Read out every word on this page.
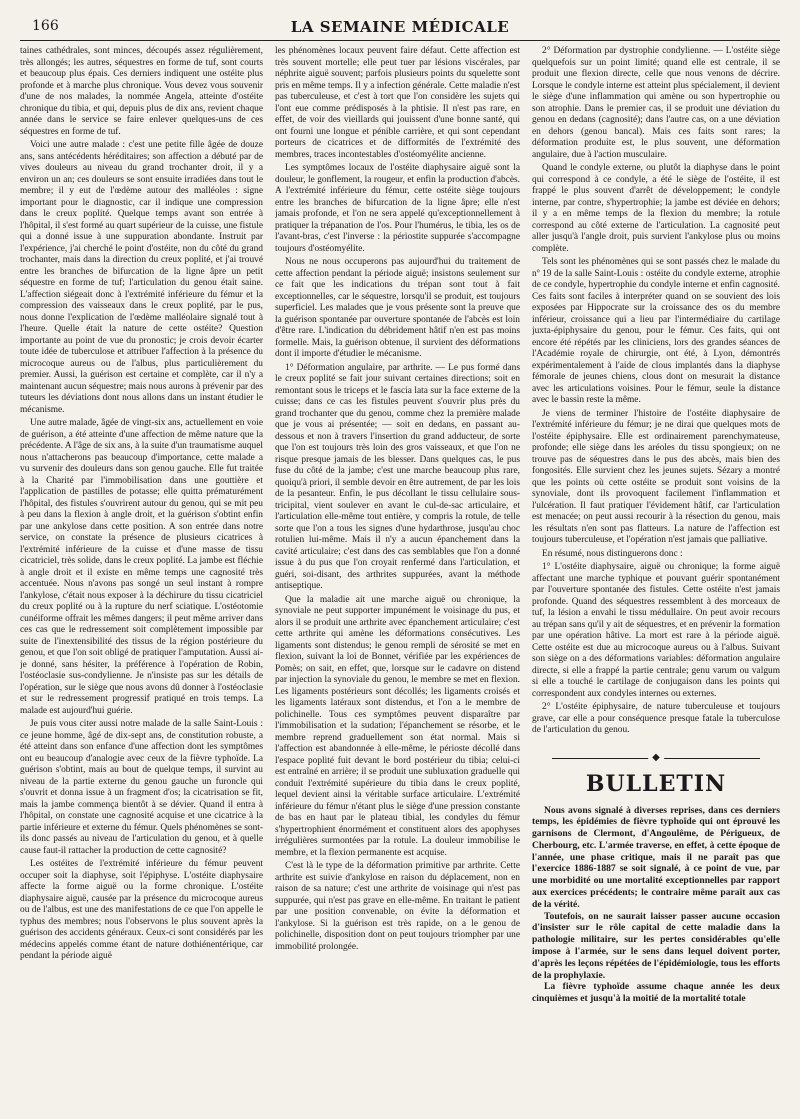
166	LA SEMAINE MÉDICALE

taines cathédrales, sont minces, découpés assez régulièrement, très allongés; les autres, séquestres en forme de tuf, sont courts et beaucoup plus épais. Ces derniers indiquent une ostéite plus profonde et à marche plus chronique. Vous devez vous souvenir d'une de nos malades, la nommée Angela, atteinte d'ostéite chronique du tibia, et qui, depuis plus de dix ans, revient chaque année dans le service se faire enlever quelques-uns de ces séquestres en forme de tuf.

Voici une autre malade : c'est une petite fille âgée de douze ans, sans antécédents héréditaires; son affection a débuté par de vives douleurs au niveau du grand trochanter droit, il y a environ un an; ces douleurs se sont ensuite irradiées dans tout le membre; il y eut de l'œdème autour des malléoles : signe important pour le diagnostic, car il indique une compression dans le creux poplité. Quelque temps avant son entrée à l'hôpital, il s'est formé au quart supérieur de la cuisse, une fistule qui a donné issue à une suppuration abondante. Instruit par l'expérience, j'ai cherché le point d'ostéite, non du côté du grand trochanter, mais dans la direction du creux poplité, et j'ai trouvé entre les branches de bifurcation de la ligne âpre un petit séquestre en forme de tuf; l'articulation du genou était saine. L'affection siégeait donc à l'extrémité inférieure du fémur et la compression des vaisseaux dans le creux poplité, par le pus, nous donne l'explication de l'œdème malléolaire signalé tout à l'heure. Quelle était la nature de cette ostéite? Question importante au point de vue du pronostic; je crois devoir écarter toute idée de tuberculose et attribuer l'affection à la présence du microcoque aureus ou de l'albus, plus particulièrement du premier. Aussi, la guérison est certaine et complète, car il n'y a maintenant aucun séquestre; mais nous aurons à prévenir par des tuteurs les déviations dont nous allons dans un instant étudier le mécanisme.

Une autre malade, âgée de vingt-six ans, actuellement en voie de guérison, a été atteinte d'une affection de même nature que la précédente. A l'âge de six ans, à la suite d'un traumatisme auquel nous n'attacherons pas beaucoup d'importance, cette malade a vu survenir des douleurs dans son genou gauche. Elle fut traitée à la Charité par l'immobilisation dans une gouttière et l'application de pastilles de potasse; elle quitta prématurément l'hôpital, des fistules s'ouvrirent autour du genou, qui se mit peu à peu dans la flexion à angle droit, et la guérison s'obtint enfin par une ankylose dans cette position. A son entrée dans notre service, on constate la présence de plusieurs cicatrices à l'extrémité inférieure de la cuisse et d'une masse de tissu cicatriciel, très solide, dans le creux poplité. La jambe est fléchie à angle droit et il existe en même temps une cagnosité très accentuée. Nous n'avons pas songé un seul instant à rompre l'ankylose, c'était nous exposer à la déchirure du tissu cicatriciel du creux poplité ou à la rupture du nerf sciatique. L'ostéotomie cunéiforme offrait les mêmes dangers; il peut même arriver dans ces cas que le redressement soit complètement impossible par suite de l'inextensibilité des tissus de la région postérieure du genou, et que l'on soit obligé de pratiquer l'amputation. Aussi ai-je donné, sans hésiter, la préférence à l'opération de Robin, l'ostéoclasie sus-condylienne. Je n'insiste pas sur les détails de l'opération, sur le siège que nous avons dû donner à l'ostéoclasie et sur le redressement progressif pratiqué en trois temps. La malade est aujourd'hui guérie.

Je puis vous citer aussi notre malade de la salle Saint-Louis : ce jeune homme, âgé de dix-sept ans, de constitution robuste, a été atteint dans son enfance d'une affection dont les symptômes ont eu beaucoup d'analogie avec ceux de la fièvre typhoïde. La guérison s'obtint, mais au bout de quelque temps, il survint au niveau de la partie externe du genou gauche un furoncle qui s'ouvrit et donna issue à un fragment d'os; la cicatrisation se fit, mais la jambe commença bientôt à se dévier. Quand il entra à l'hôpital, on constate une cagnosité acquise et une cicatrice à la partie inférieure et externe du fémur. Quels phénomènes se sont-ils donc passés au niveau de l'articulation du genou, et à quelle cause faut-il rattacher la production de cette cagnosité?

Les ostéites de l'extrémité inférieure du fémur peuvent occuper soit la diaphyse, soit l'épiphyse. L'ostéite diaphysaire affecte la forme aiguë ou la forme chronique. L'ostéite diaphysaire aiguë, causée par la présence du microcoque aureus ou de l'albus, est une des manifestations de ce que l'on appelle le typhus des membres; nous l'observons le plus souvent après la guérison des accidents généraux. Ceux-ci sont considérés par les médecins appelés comme étant de nature dothiénentérique, car pendant la période aiguë

les phénomènes locaux peuvent faire défaut. Cette affection est très souvent mortelle; elle peut tuer par lésions viscérales, par néphrite aiguë souvent; parfois plusieurs points du squelette sont pris en même temps. Il y a infection générale. Cette maladie n'est pas tuberculeuse, et c'est à tort que l'on considère les sujets qui l'ont eue comme prédisposés à la phtisie. Il n'est pas rare, en effet, de voir des vieillards qui jouissent d'une bonne santé, qui ont fourni une longue et pénible carrière, et qui sont cependant porteurs de cicatrices et de difformités de l'extrémité des membres, traces incontestables d'ostéomyélite ancienne.

Les symptômes locaux de l'ostéite diaphysaire aiguë sont la douleur, le gonflement, la rougeur, et enfin la production d'abcès. A l'extrémité inférieure du fémur, cette ostéite siège toujours entre les branches de bifurcation de la ligne âpre; elle n'est jamais profonde, et l'on ne sera appelé qu'exceptionnellement à pratiquer la trépanation de l'os. Pour l'humérus, le tibia, les os de l'avant-bras, c'est l'inverse : la périostite suppurée s'accompagne toujours d'ostéomyélite.

Nous ne nous occuperons pas aujourd'hui du traitement de cette affection pendant la période aiguë; insistons seulement sur ce fait que les indications du trépan sont tout à fait exceptionnelles, car le séquestre, lorsqu'il se produit, est toujours superficiel. Les malades que je vous présente sont la preuve que la guérison spontanée par ouverture spontanée de l'abcès est loin d'être rare. L'indication du débridement hâtif n'en est pas moins formelle. Mais, la guérison obtenue, il survient des déformations dont il importe d'étudier le mécanisme.

1° Déformation angulaire, par arthrite. — Le pus formé dans le creux poplité se fait jour suivant certaines directions; soit en remontant sous le triceps et le fascia lata sur la face externe de la cuisse; dans ce cas les fistules peuvent s'ouvrir plus près du grand trochanter que du genou, comme chez la première malade que je vous ai présentée; — soit en dedans, en passant au-dessous et non à travers l'insertion du grand adducteur, de sorte que l'on est toujours très loin des gros vaisseaux, et que l'on ne risque presque jamais de les blesser. Dans quelques cas, le pus fuse du côté de la jambe; c'est une marche beaucoup plus rare, quoiqu'à priori, il semble devoir en être autrement, de par les lois de la pesanteur. Enfin, le pus décollant le tissu cellulaire sous-tricipital, vient soulever en avant le cul-de-sac articulaire, et l'articulation elle-même tout entière, y compris la rotule, de telle sorte que l'on a tous les signes d'une hydarthrose, jusqu'au choc rotulien lui-même. Mais il n'y a aucun épanchement dans la cavité articulaire; c'est dans des cas semblables que l'on a donné issue à du pus que l'on croyait renfermé dans l'articulation, et guéri, soi-disant, des arthrites suppurées, avant la méthode antiseptique.

Que la maladie ait une marche aiguë ou chronique, la synoviale ne peut supporter impunément le voisinage du pus, et alors il se produit une arthrite avec épanchement articulaire; c'est cette arthrite qui amène les déformations consécutives. Les ligaments sont distendus; le genou rempli de sérosité se met en flexion, suivant la loi de Bonnet, vérifiée par les expériences de Pomès; on sait, en effet, que, lorsque sur le cadavre on distend par injection la synoviale du genou, le membre se met en flexion. Les ligaments postérieurs sont décollés; les ligaments croisés et les ligaments latéraux sont distendus, et l'on a le membre de polichinelle. Tous ces symptômes peuvent disparaître par l'immobilisation et la sudation; l'épanchement se résorbe, et le membre reprend graduellement son état normal. Mais si l'affection est abandonnée à elle-même, le périoste décollé dans l'espace poplité fuit devant le bord postérieur du tibia; celui-ci est entraîné en arrière; il se produit une subluxation graduelle qui conduit l'extrémité supérieure du tibia dans le creux poplité, lequel devient ainsi la véritable surface articulaire. L'extrémité inférieure du fémur n'étant plus le siège d'une pression constante de bas en haut par le plateau tibial, les condyles du fémur s'hypertrophient énormément et constituent alors des apophyses irrégulières surmontées par la rotule. La douleur immobilise le membre, et la flexion permanente est acquise.

C'est là le type de la déformation primitive par arthrite. Cette arthrite est suivie d'ankylose en raison du déplacement, non en raison de sa nature; c'est une arthrite de voisinage qui n'est pas suppurée, qui n'est pas grave en elle-même. En traitant le patient par une position convenable, on évite la déformation et l'ankylose. Si la guérison est très rapide, on a le genou de polichinelle, disposition dont on peut toujours triompher par une immobilité prolongée.

2° Déformation par dystrophie condylienne. — L'ostéite siège quelquefois sur un point limité; quand elle est centrale, il se produit une flexion directe, celle que nous venons de décrire. Lorsque le condyle interne est atteint plus spécialement, il devient le siège d'une inflammation qui amène ou son hypertrophie ou son atrophie. Dans le premier cas, il se produit une déviation du genou en dedans (cagnosité); dans l'autre cas, on a une déviation en dehors (genou bancal). Mais ces faits sont rares; la déformation produite est, le plus souvent, une déformation angulaire, due à l'action musculaire.

Quand le condyle externe, ou plutôt la diaphyse dans le point qui correspond à ce condyle, a été le siège de l'ostéite, il est frappé le plus souvent d'arrêt de développement; le condyle interne, par contre, s'hypertrophie; la jambe est déviée en dehors; il y a en même temps de la flexion du membre; la rotule correspond au côté externe de l'articulation. La cagnosité peut aller jusqu'à l'angle droit, puis survient l'ankylose plus ou moins complète.

Tels sont les phénomènes qui se sont passés chez le malade du nº 19 de la salle Saint-Louis : ostéite du condyle externe, atrophie de ce condyle, hypertrophie du condyle interne et enfin cagnosité. Ces faits sont faciles à interpréter quand on se souvient des lois exposées par Hippocrate sur la croissance des os du membre inférieur, croissance qui a lieu par l'intermédiaire du cartilage juxta-épiphysaire du genou, pour le fémur. Ces faits, qui ont encore été répétés par les cliniciens, lors des grandes séances de l'Académie royale de chirurgie, ont été, à Lyon, démontrés expérimentalement à l'aide de clous implantés dans la diaphyse fémorale de jeunes chiens, clous dont on mesurait la distance avec les articulations voisines. Pour le fémur, seule la distance avec le bassin reste la même.

Je viens de terminer l'histoire de l'ostéite diaphysaire de l'extrémité inférieure du fémur; je ne dirai que quelques mots de l'ostéite épiphysaire. Elle est ordinairement parenchymateuse, profonde; elle siège dans les aréoles du tissu spongieux; on ne trouve pas de séquestres dans le pus des abcès, mais bien des fongosités. Elle survient chez les jeunes sujets. Sézary a montré que les points où cette ostéite se produit sont voisins de la synoviale, dont ils provoquent facilement l'inflammation et l'ulcération. Il faut pratiquer l'évidement hâtif, car l'articulation est menacée; on peut aussi recourir à la résection du genou, mais les résultats n'en sont pas flatteurs. La nature de l'affection est toujours tuberculeuse, et l'opération n'est jamais que palliative.

En résumé, nous distinguerons donc :

1° L'ostéite diaphysaire, aiguë ou chronique; la forme aiguë affectant une marche typhique et pouvant guérir spontanément par l'ouverture spontanée des fistules. Cette ostéite n'est jamais profonde. Quand des séquestres ressemblent à des morceaux de tuf, la lésion a envahi le tissu médullaire. On peut avoir recours au trépan sans qu'il y ait de séquestres, et en prévenir la formation par une opération hâtive. La mort est rare à la période aiguë. Cette ostéite est due au microcoque aureus ou à l'albus. Suivant son siège on a des déformations variables: déformation angulaire directe, si elle a frappé la partie centrale; genu varum ou valgum si elle a touché le cartilage de conjugaison dans les points qui correspondent aux condyles internes ou externes.

2° L'ostéite épiphysaire, de nature tuberculeuse et toujours grave, car elle a pour conséquence presque fatale la tuberculose de l'articulation du genou.

◆
BULLETIN

Nous avons signalé à diverses reprises, dans ces derniers temps, les épidémies de fièvre typhoïde qui ont éprouvé les garnisons de Clermont, d'Angoulême, de Périgueux, de Cherbourg, etc. L'armée traverse, en effet, à cette époque de l'année, une phase critique, mais il ne paraît pas que l'exercice 1886-1887 se soit signalé, à ce point de vue, par une morbidité ou une mortalité exceptionnelles par rapport aux exercices précédents; le contraire même paraît aux cas de la vérité.

Toutefois, on ne saurait laisser passer aucune occasion d'insister sur le rôle capital de cette maladie dans la pathologie militaire, sur les pertes considérables qu'elle impose à l'armée, sur le sens dans lequel doivent porter, d'après les leçons répétées de l'épidémiologie, tous les efforts de la prophylaxie.

La fièvre typhoïde assume chaque année les deux cinquièmes et jusqu'à la moitié de la mortalité totale
